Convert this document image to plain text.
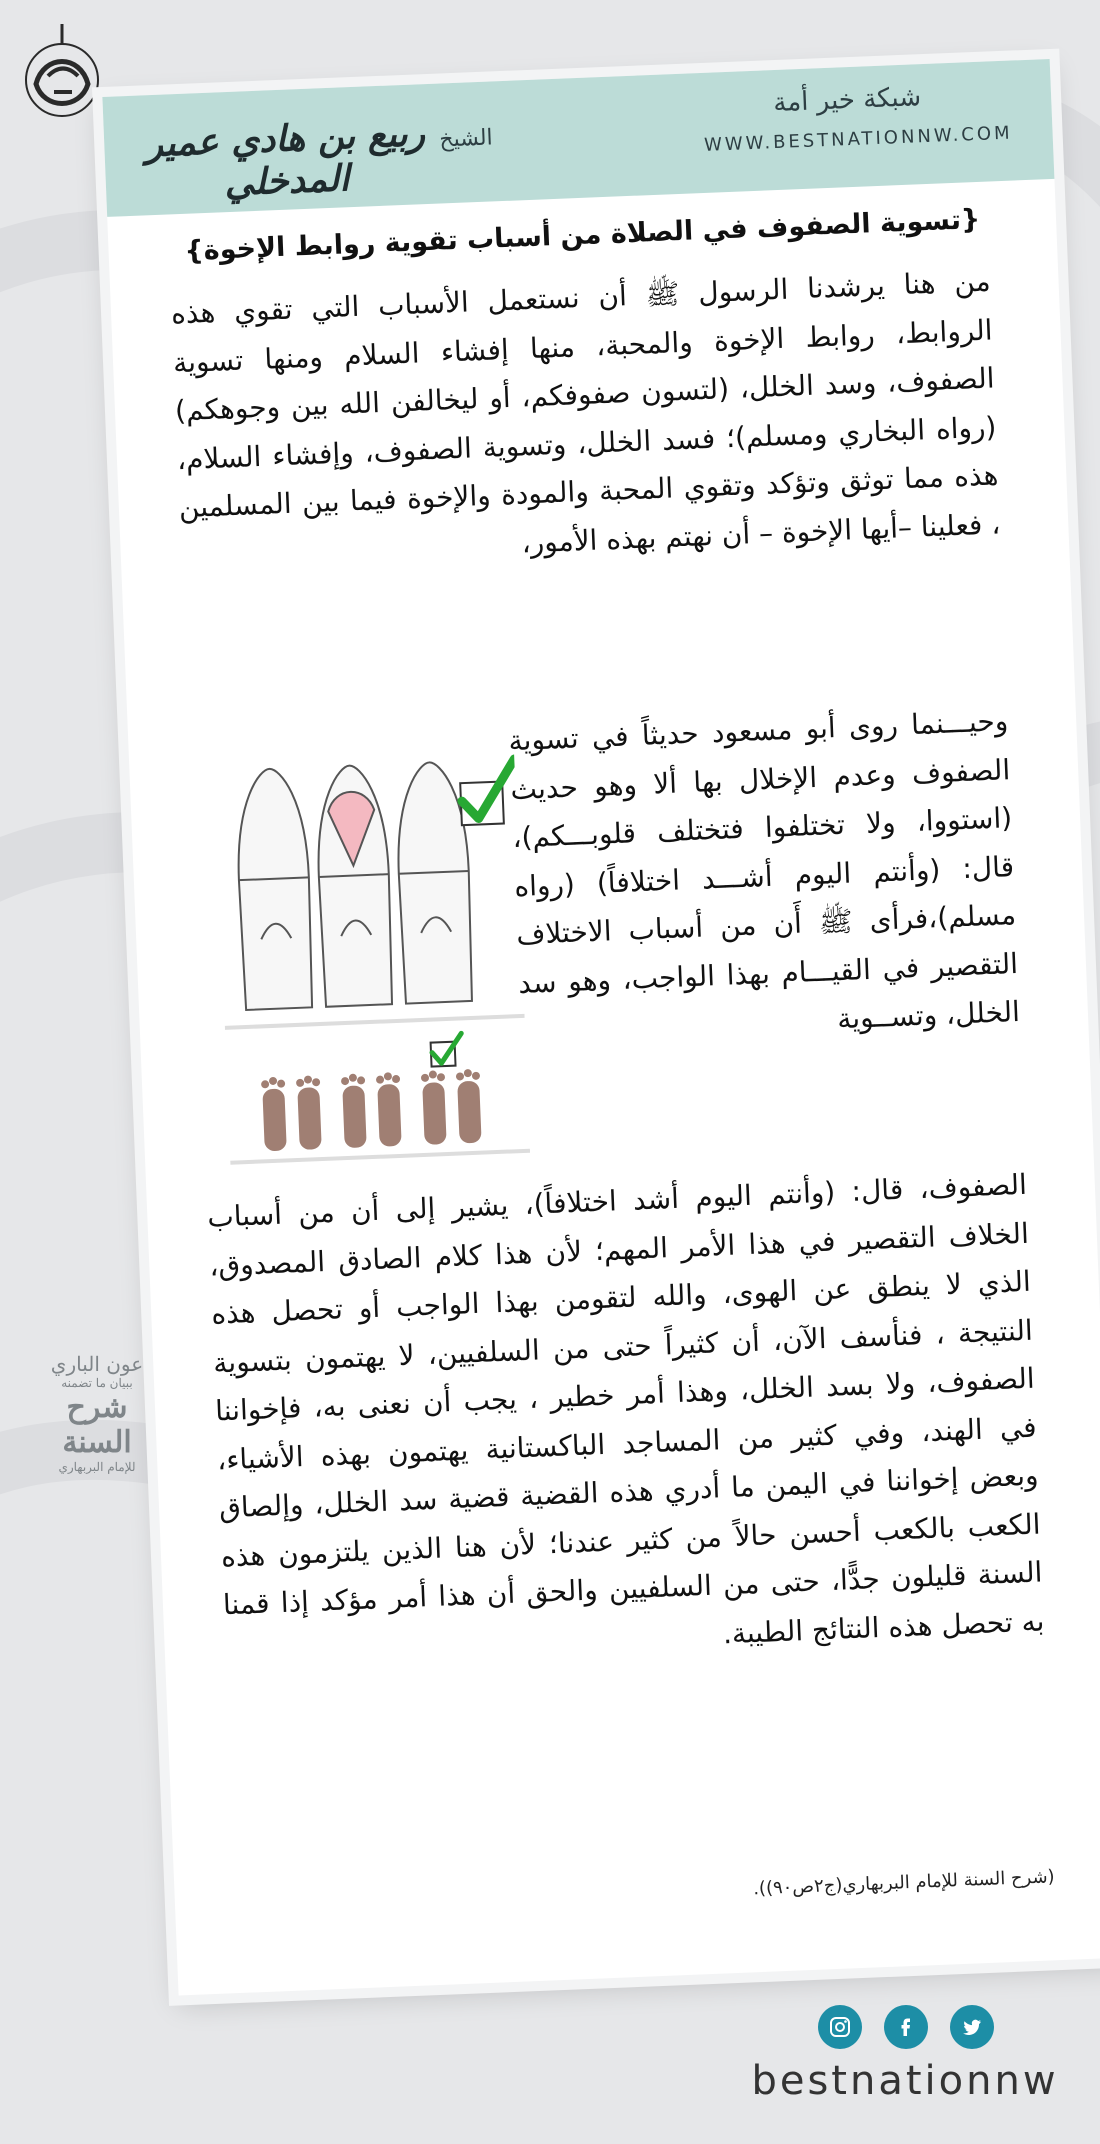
شبكة خير أمة
WWW.BESTNATIONNW.COM
الشيخ
ربيع بن هادي عمير المدخلي
{تسوية الصفوف في الصلاة من أسباب تقوية روابط الإخوة}
من هنا يرشدنا الرسول ﷺ أن نستعمل الأسباب التي تقوي هذه الروابط، روابط الإخوة والمحبة، منها إفشاء السلام ومنها تسوية الصفوف، وسد الخلل، (لتسون صفوفكم، أو ليخالفن الله بين وجوهكم) (رواه البخاري ومسلم)؛ فسد الخلل، وتسوية الصفوف، وإفشاء السلام، هذه مما توثق وتؤكد وتقوي المحبة والمودة والإخوة فيما بين المسلمين ، فعلينا –أيها الإخوة – أن نهتم بهذه الأمور،
وحيـــنما روى أبو مسعود حديثاً في تسوية الصفوف وعدم الإخلال بها ألا وهو حديث (استووا، ولا تختلفوا فتختلف قلوبـــكم)، قال: (وأنتم اليوم أشـــد اختلافاً) (رواه مسلم)،فرأى ﷺ أَن من أسباب الاختلاف التقصير في القيـــام بهذا الواجب، وهو سد الخلل، وتســوية
الصفوف، قال: (وأنتم اليوم أشد اختلافاً)، يشير إلى أن من أسباب الخلاف التقصير في هذا الأمر المهم؛ لأن هذا كلام الصادق المصدوق، الذي لا ينطق عن الهوى، والله لتقومن بهذا الواجب أو تحصل هذه النتيجة ، فنأسف الآن، أن كثيراً حتى من السلفيين، لا يهتمون بتسوية الصفوف، ولا بسد الخلل، وهذا أمر خطير ، يجب أن نعنى به، فإخواننا في الهند، وفي كثير من المساجد الباكستانية يهتمون بهذه الأشياء، وبعض إخواننا في اليمن ما أدري هذه القضية قضية سد الخلل، وإلصاق الكعب بالكعب أحسن حالاً من كثير عندنا؛ لأن هنا الذين يلتزمون هذه السنة قليلون جدًّا، حتى من السلفيين والحق أن هذا أمر مؤكد إذا قمنا به تحصل هذه النتائج الطيبة.
(شرح السنة للإمام البربهاري(ج٢ص٩٠)).
عون الباري
ببيان ما تضمنه
شرح السنة
للإمام البربهاري
bestnationnw
